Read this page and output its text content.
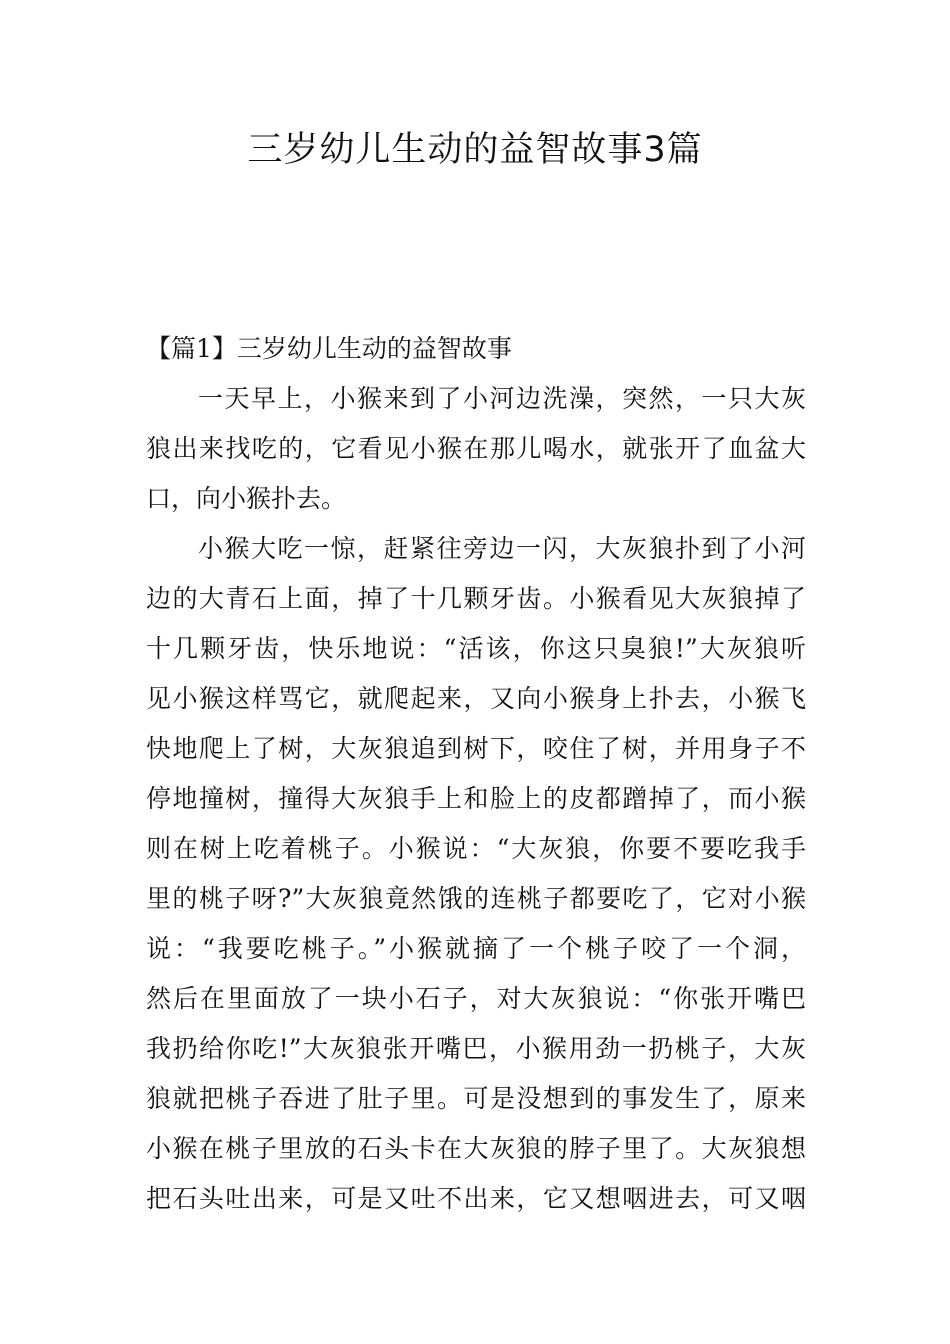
三岁幼儿生动的益智故事3篇
【篇1】三岁幼儿生动的益智故事
一天早上，小猴来到了小河边洗澡，突然，一只大灰
狼出来找吃的，它看见小猴在那儿喝水，就张开了血盆大
口，向小猴扑去。
小猴大吃一惊，赶紧往旁边一闪，大灰狼扑到了小河
边的大青石上面，掉了十几颗牙齿。小猴看见大灰狼掉了
十几颗牙齿，快乐地说：“活该，你这只臭狼!”大灰狼听
见小猴这样骂它，就爬起来，又向小猴身上扑去，小猴飞
快地爬上了树，大灰狼追到树下，咬住了树，并用身子不
停地撞树，撞得大灰狼手上和脸上的皮都蹭掉了，而小猴
则在树上吃着桃子。小猴说：“大灰狼，你要不要吃我手
里的桃子呀?”大灰狼竟然饿的连桃子都要吃了，它对小猴
说：“我要吃桃子。”小猴就摘了一个桃子咬了一个洞，
然后在里面放了一块小石子，对大灰狼说：“你张开嘴巴
我扔给你吃!”大灰狼张开嘴巴，小猴用劲一扔桃子，大灰
狼就把桃子吞进了肚子里。可是没想到的事发生了，原来
小猴在桃子里放的石头卡在大灰狼的脖子里了。大灰狼想
把石头吐出来，可是又吐不出来，它又想咽进去，可又咽
